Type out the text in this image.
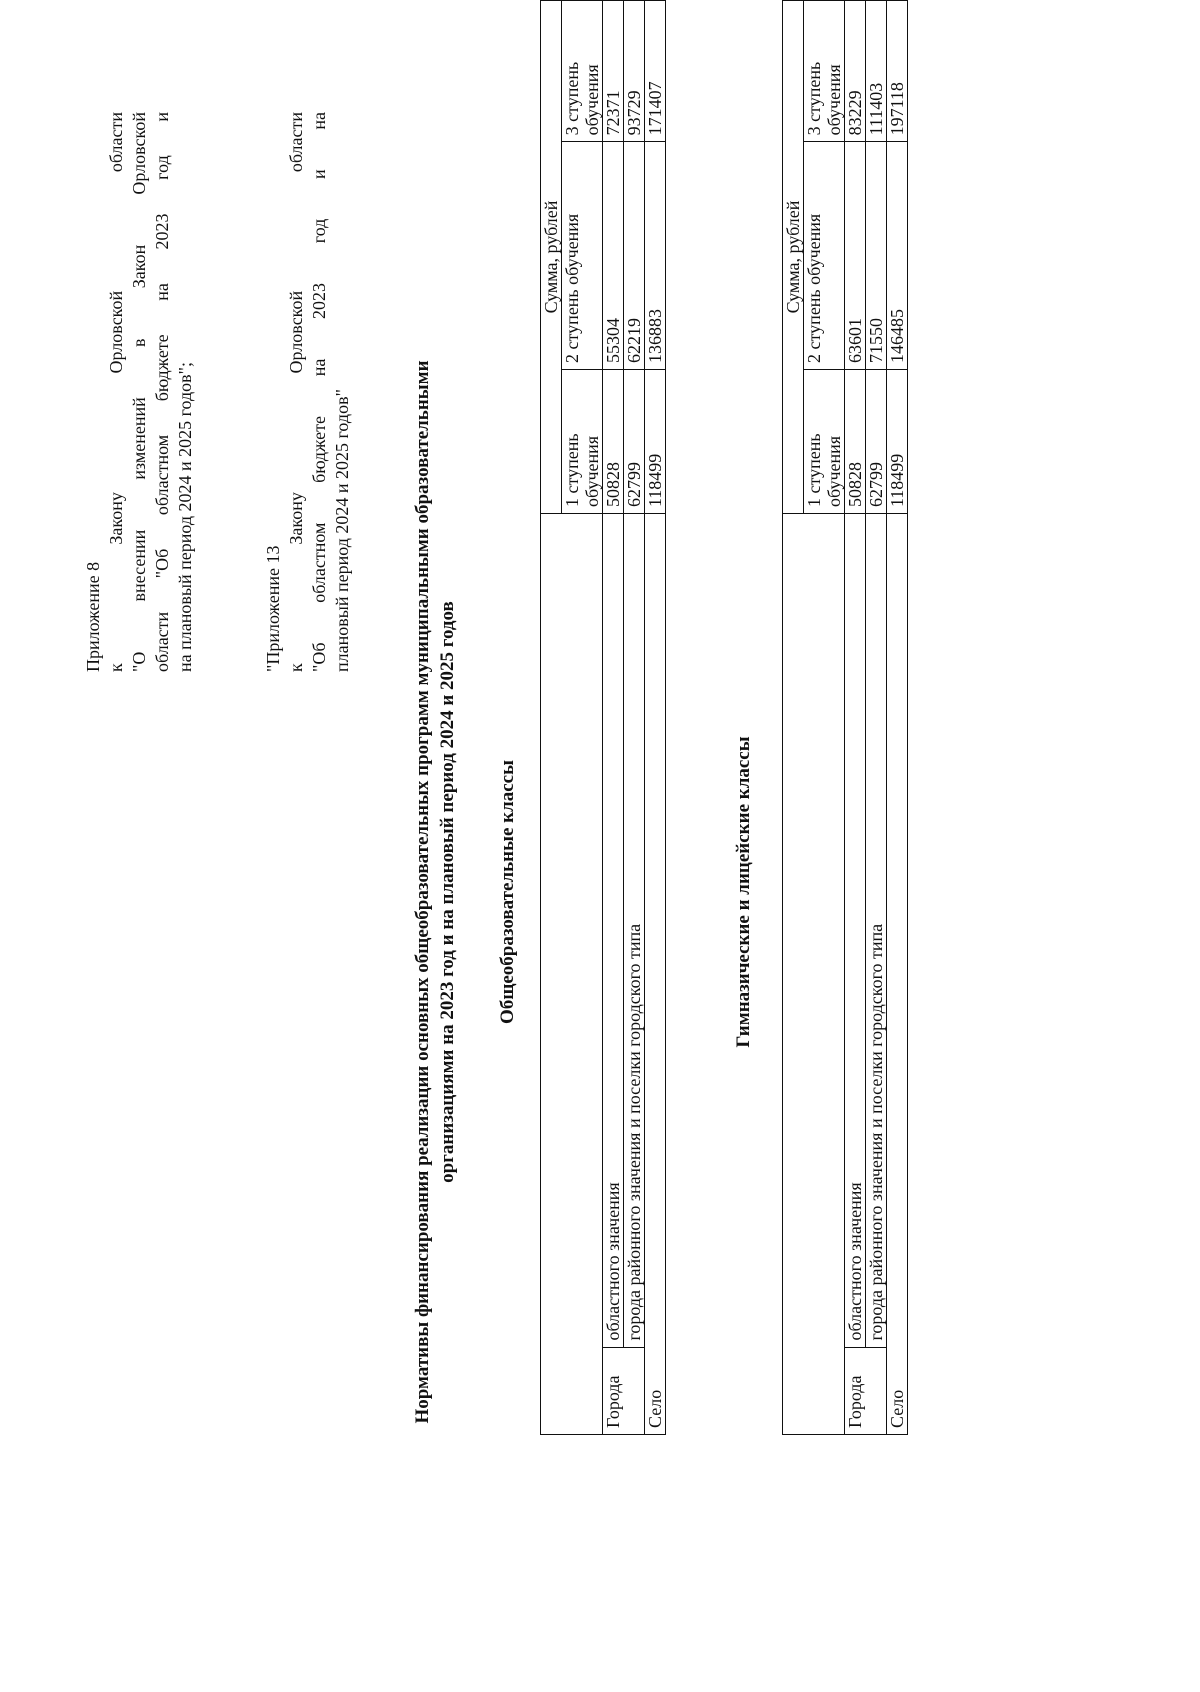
Приложение 8 к Закону Орловской области "О внесении изменений в Закон Орловской области "Об областном бюджете на 2023 год и на плановый период 2024 и 2025 годов";	"Приложение 13 к Закону Орловской области "Об областном бюджете на 2023 год и на плановый период 2024 и 2025 годов"	Нормативы финансирования реализации основных общеобразовательных программ муниципальными образовательными организациями на 2023 год и на плановый период 2024 и 2025 годов Общеобразовательные классы
		Сумма, рублей		
		1 ступень обучения	2 ступень обучения	3 ступень обучения
Города	областного значения	50828	55304	72371
	города районного значения и поселки городского типа	62799	62219	93729
Село		118499	136883	171407
Гимназические и лицейские классы
		Сумма, рублей		
		1 ступень обучения	2 ступень обучения	3 ступень обучения
Города	областного значения	50828	63601	83229
	города районного значения и поселки городского типа	62799	71550	111403
Село		118499	146485	197118
